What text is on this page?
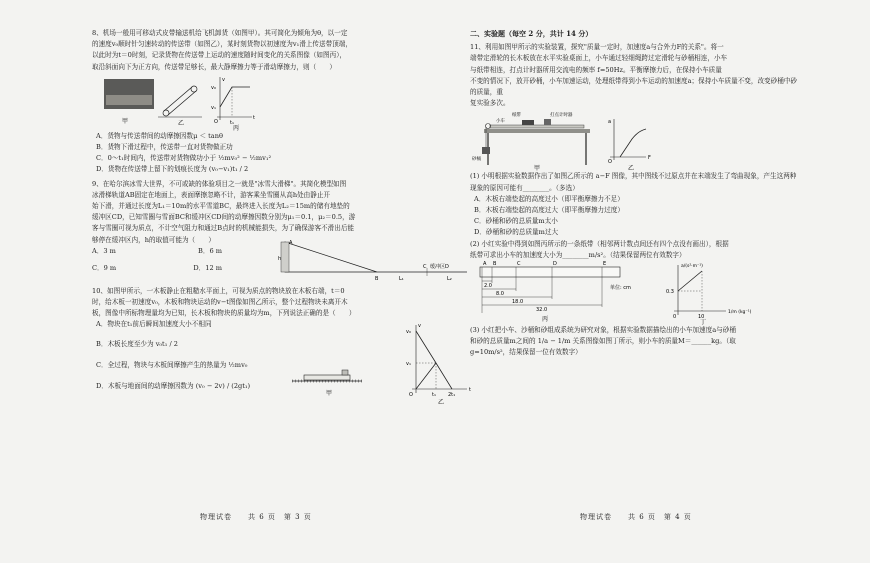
8、机场一般用可移动式皮带输送机给飞机卸货（如图甲）。其可简化为倾角为θ，以一定

的速度v₀顺时针匀速转动的传送带（如图乙），某时刻货物以初速度为v₁滑上传送带顶端，

以此时为t＝0时刻，记录货物在传送带上运动的速度随时间变化的关系图像（如图丙），

取沿斜面向下为正方向，传送带足够长，最大静摩擦力等于滑动摩擦力，则（　　）

甲	乙
v₀
v₁
t₁
t
v
O
丙

A．货物与传送带间的动摩擦因数μ ＜ tanθ

B．货物下滑过程中，传送带一直对货物做正功

C．0～t₁时间内，传送带对货物做功小于 ½mv₀² − ½mv₁²

D．货物在传送带上留下的划痕长度为 (v₀−v₁)t₁ / 2

9、在哈尔滨冰雪大世界，不可或缺的体验项目之一就是"冰雪大滑梯"。其简化模型如图

冰滑梯轨道AB固定在地面上，表面摩擦忽略不计，游客乘坐雪圈从高h处由静止开

始下滑，并通过长度为L₁＝10m的水平雪道BC，最终进入长度为L₂＝15m的储有地垫的

缓冲区CD，已知雪圈与雪面BC和缓冲区CD间的动摩擦因数分别为μ₁＝0.1，μ₂＝0.5，游

客与雪圈可视为质点，不计空气阻力和通过B点时的机械能损失，为了确保游客不滑出后能

够停在缓冲区内，h的取值可能为（　　）

A．3 m	B．6 m
C．9 m	D．12 m
A
h
B
C 缓冲区D
L₁	L₂

10、如图甲所示，一木板静止在粗糙水平面上，可视为质点的物块放在木板右端，t＝0

时，给木板一初速度v₀，木板和物块运动的v−t图像如图乙所示，整个过程物块未离开木

板，图像中所标物理量均为已知，长木板和物块的质量均为m，下列说法正确的是（　　）

A．物块在t₁前后瞬间加速度大小不相同

B．木板长度至少为 v₀t₁ / 2

C．全过程，物块与木板间摩擦产生的热量为 ½mv₀

D．木板与地面间的动摩擦因数为 (v₀ − 2v) / (2gt₁)

甲
v₀
v₁
t₁ 2t₁
t
v
O
乙
物理试卷　　共 6 页　第 3 页

二、实验题（每空 2 分，共计 14 分）

11、利用如图甲所示的实验装置，探究"质量一定时，加速度a与合外力F的关系"。将一

端带定滑轮的长木板放在水平实验桌面上，小车通过轻细绳跨过定滑轮与砂桶相连，小车

与纸带相连，打点计时器所用交流电的频率 f=50Hz。平衡摩擦力后，在保持小车质量

不变的情况下，放开砂桶，小车加速运动，处理纸带得到小车运动的加速度a；保持小车质量不变，改变砂桶中砂的质量，重

复实验多次。

纸带	打点计时器
小车
砂桶
甲
a
F
O
乙

(1) 小明根据实验数据作出了如图乙所示的 a−F 图像，其中图线不过原点并在末端发生了弯曲现象，产生这两种现象的原因可能有________。（多选）

A．木板右端垫起的高度过小（即平衡摩擦力不足）

B．木板右端垫起的高度过大（即平衡摩擦力过度）

C．砂桶和砂的总质量m太小

D．砂桶和砂的总质量m过大

(2) 小红实验中得到如图丙所示的一条纸带（相邻两计数点间还有四个点没有画出），根据

纸带可求出小车的加速度大小为________m/s²。（结果保留两位有效数字）

A B	C	D	E
2.0
8.0
18.0
32.0
单位: cm
丙
a/(s²·m⁻¹)
0.3
0	10
1/m (kg⁻¹)
丁

(3) 小红把小车、沙桶和砂组成系统为研究对象，根据实验数据描绘出的小车加速度a与砂桶

和砂的总质量m之间的 1/a − 1/m 关系图像如图丁所示，则小车的质量M＝______kg。（取

g=10m/s²，结果保留一位有效数字）

物理试卷　　共 6 页　第 4 页
